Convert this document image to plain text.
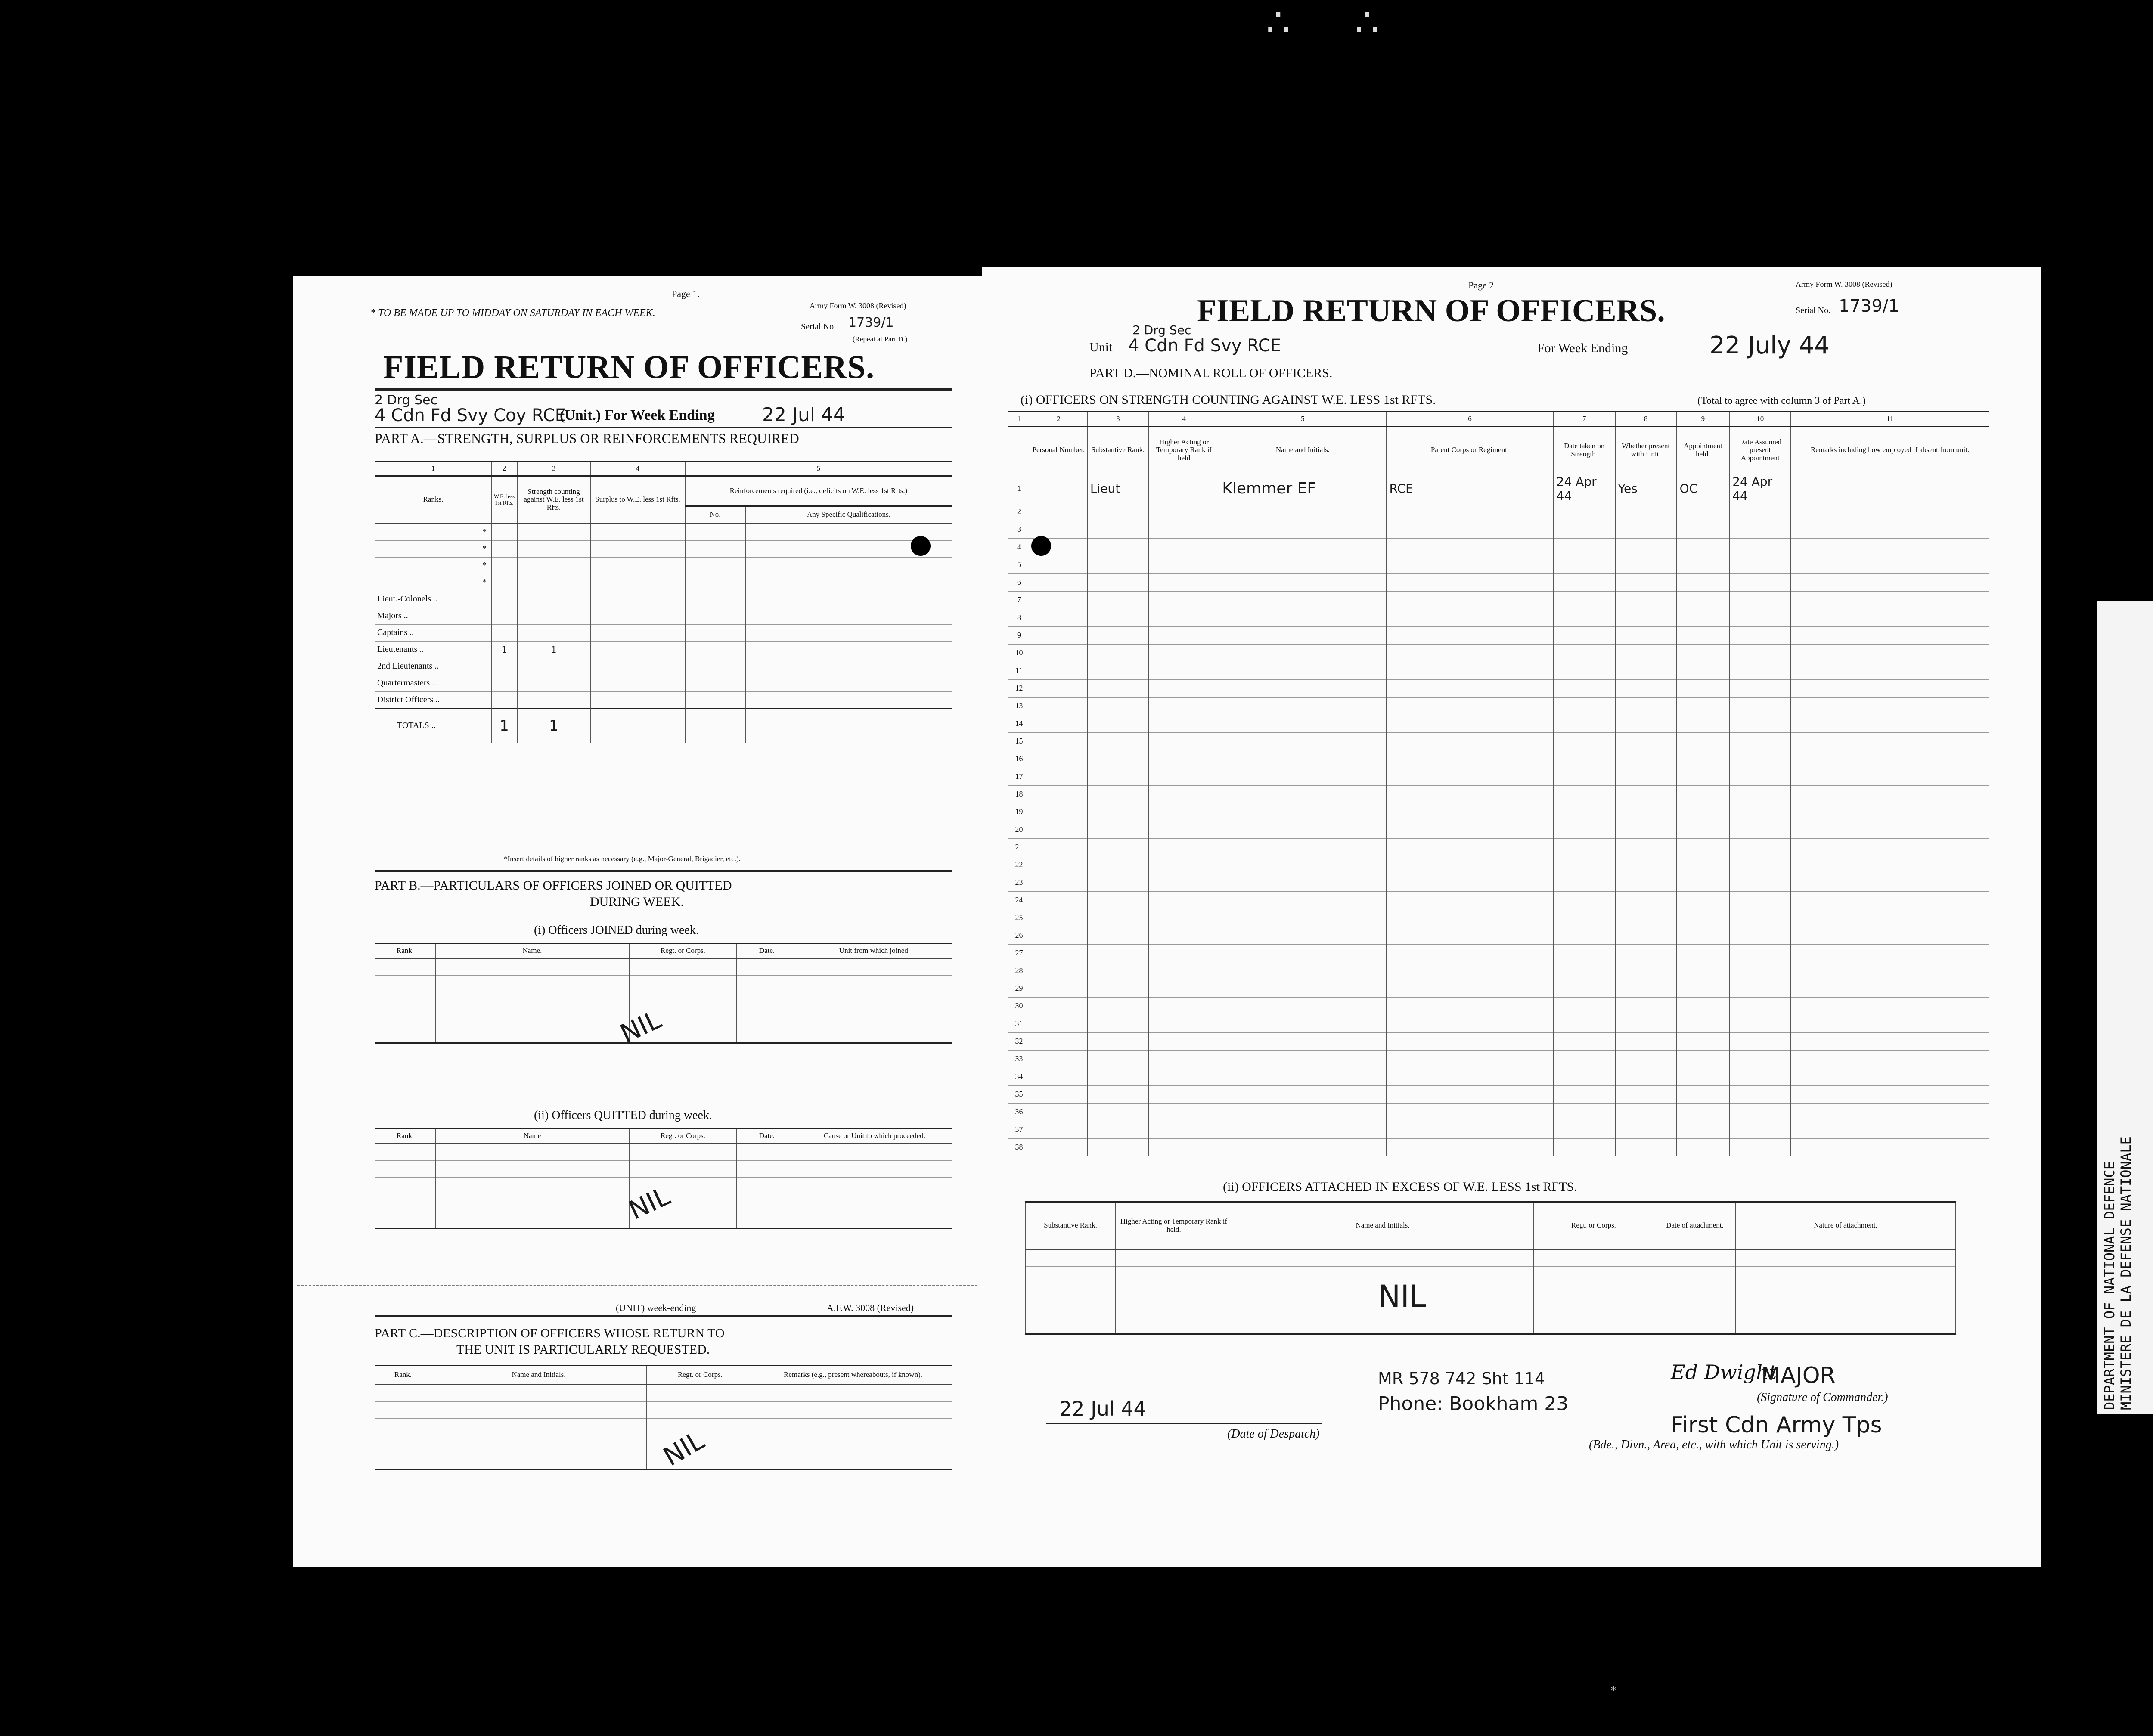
∴ ∴
*
Page 1.
Army Form W. 3008 (Revised)
* TO BE MADE UP TO MIDDAY ON SATURDAY IN EACH WEEK.
Serial No. 1739/1
(Repeat at Part D.)
FIELD RETURN OF OFFICERS.
2 Drg Sec
4 Cdn Fd Svy Coy RCE
(Unit.) For Week Ending	22 Jul 44
PART A.—STRENGTH, SURPLUS OR REINFORCEMENTS REQUIRED
1	2	3	4	5	
Ranks.	W.E. less 1st Rfts.	Strength counting against W.E. less 1st Rfts.	Surplus to W.E. less 1st Rfts.	Reinforcements required (i.e., deficits on W.E. less 1st Rfts.)	
				No.	Any Specific Qualifications.
*					
*					
*					
*					
Lieut.-Colonels ..					
Majors ..					
Captains ..					
Lieutenants ..	1	1			
2nd Lieutenants ..					
Quartermasters ..					
District Officers ..					
TOTALS ..	1	1			
*Insert details of higher ranks as necessary (e.g., Major-General, Brigadier, etc.).
PART B.—PARTICULARS OF OFFICERS JOINED OR QUITTED
DURING WEEK.
(i) Officers JOINED during week.
Rank.	Name.	Regt. or Corps.	Date.	Unit from which joined.

NIL
(ii) Officers QUITTED during week.
Rank.	Name	Regt. or Corps.	Date.	Cause or Unit to which proceeded.

NIL
(UNIT) week-ending	A.F.W. 3008 (Revised)
PART C.—DESCRIPTION OF OFFICERS WHOSE RETURN TO
THE UNIT IS PARTICULARLY REQUESTED.
Rank.	Name and Initials.	Regt. or Corps.	Remarks (e.g., present whereabouts, if known).

NIL
Page 2.	Army Form W. 3008 (Revised)
FIELD RETURN OF OFFICERS.	Serial No. 1739/1
Unit
2 Drg Sec
4 Cdn Fd Svy RCE	For Week Ending	22 July 44
PART D.—NOMINAL ROLL OF OFFICERS.
(i) OFFICERS ON STRENGTH COUNTING AGAINST W.E. LESS 1st RFTS.	(Total to agree with column 3 of Part A.)
1	2	3	4	5	6	7	8	9	10	11
	Personal Number.	Substantive Rank.	Higher Acting or Temporary Rank if held	Name and Initials.	Parent Corps or Regiment.	Date taken on Strength.	Whether present with Unit.	Appointment held.	Date Assumed present Appointment	Remarks including how employed if absent from unit.
1		Lieut		Klemmer EF	RCE	24 Apr 44	Yes	OC	24 Apr 44	
2										
3										
4										
5										
6										
7										
8										
9										
10										
11										
12										
13										
14										
15										
16										
17										
18										
19										
20										
21										
22										
23										
24										
25										
26										
27										
28										
29										
30										
31										
32										
33										
34										
35										
36										
37										
38										
(ii) OFFICERS ATTACHED IN EXCESS OF W.E. LESS 1st RFTS.
Substantive Rank.	Higher Acting or Temporary Rank if held.	Name and Initials.	Regt. or Corps.	Date of attachment.	Nature of attachment.

NIL
MR 578 742 Sht 114	Ed Dwight
MAJOR
(Signature of Commander.)
22 Jul 44
(Date of Despatch)
Phone: Bookham 23
First Cdn Army Tps
(Bde., Divn., Area, etc., with which Unit is serving.)
DEPARTMENT OF NATIONAL DEFENCE MINISTERE DE LA DEFENSE NATIONALE
